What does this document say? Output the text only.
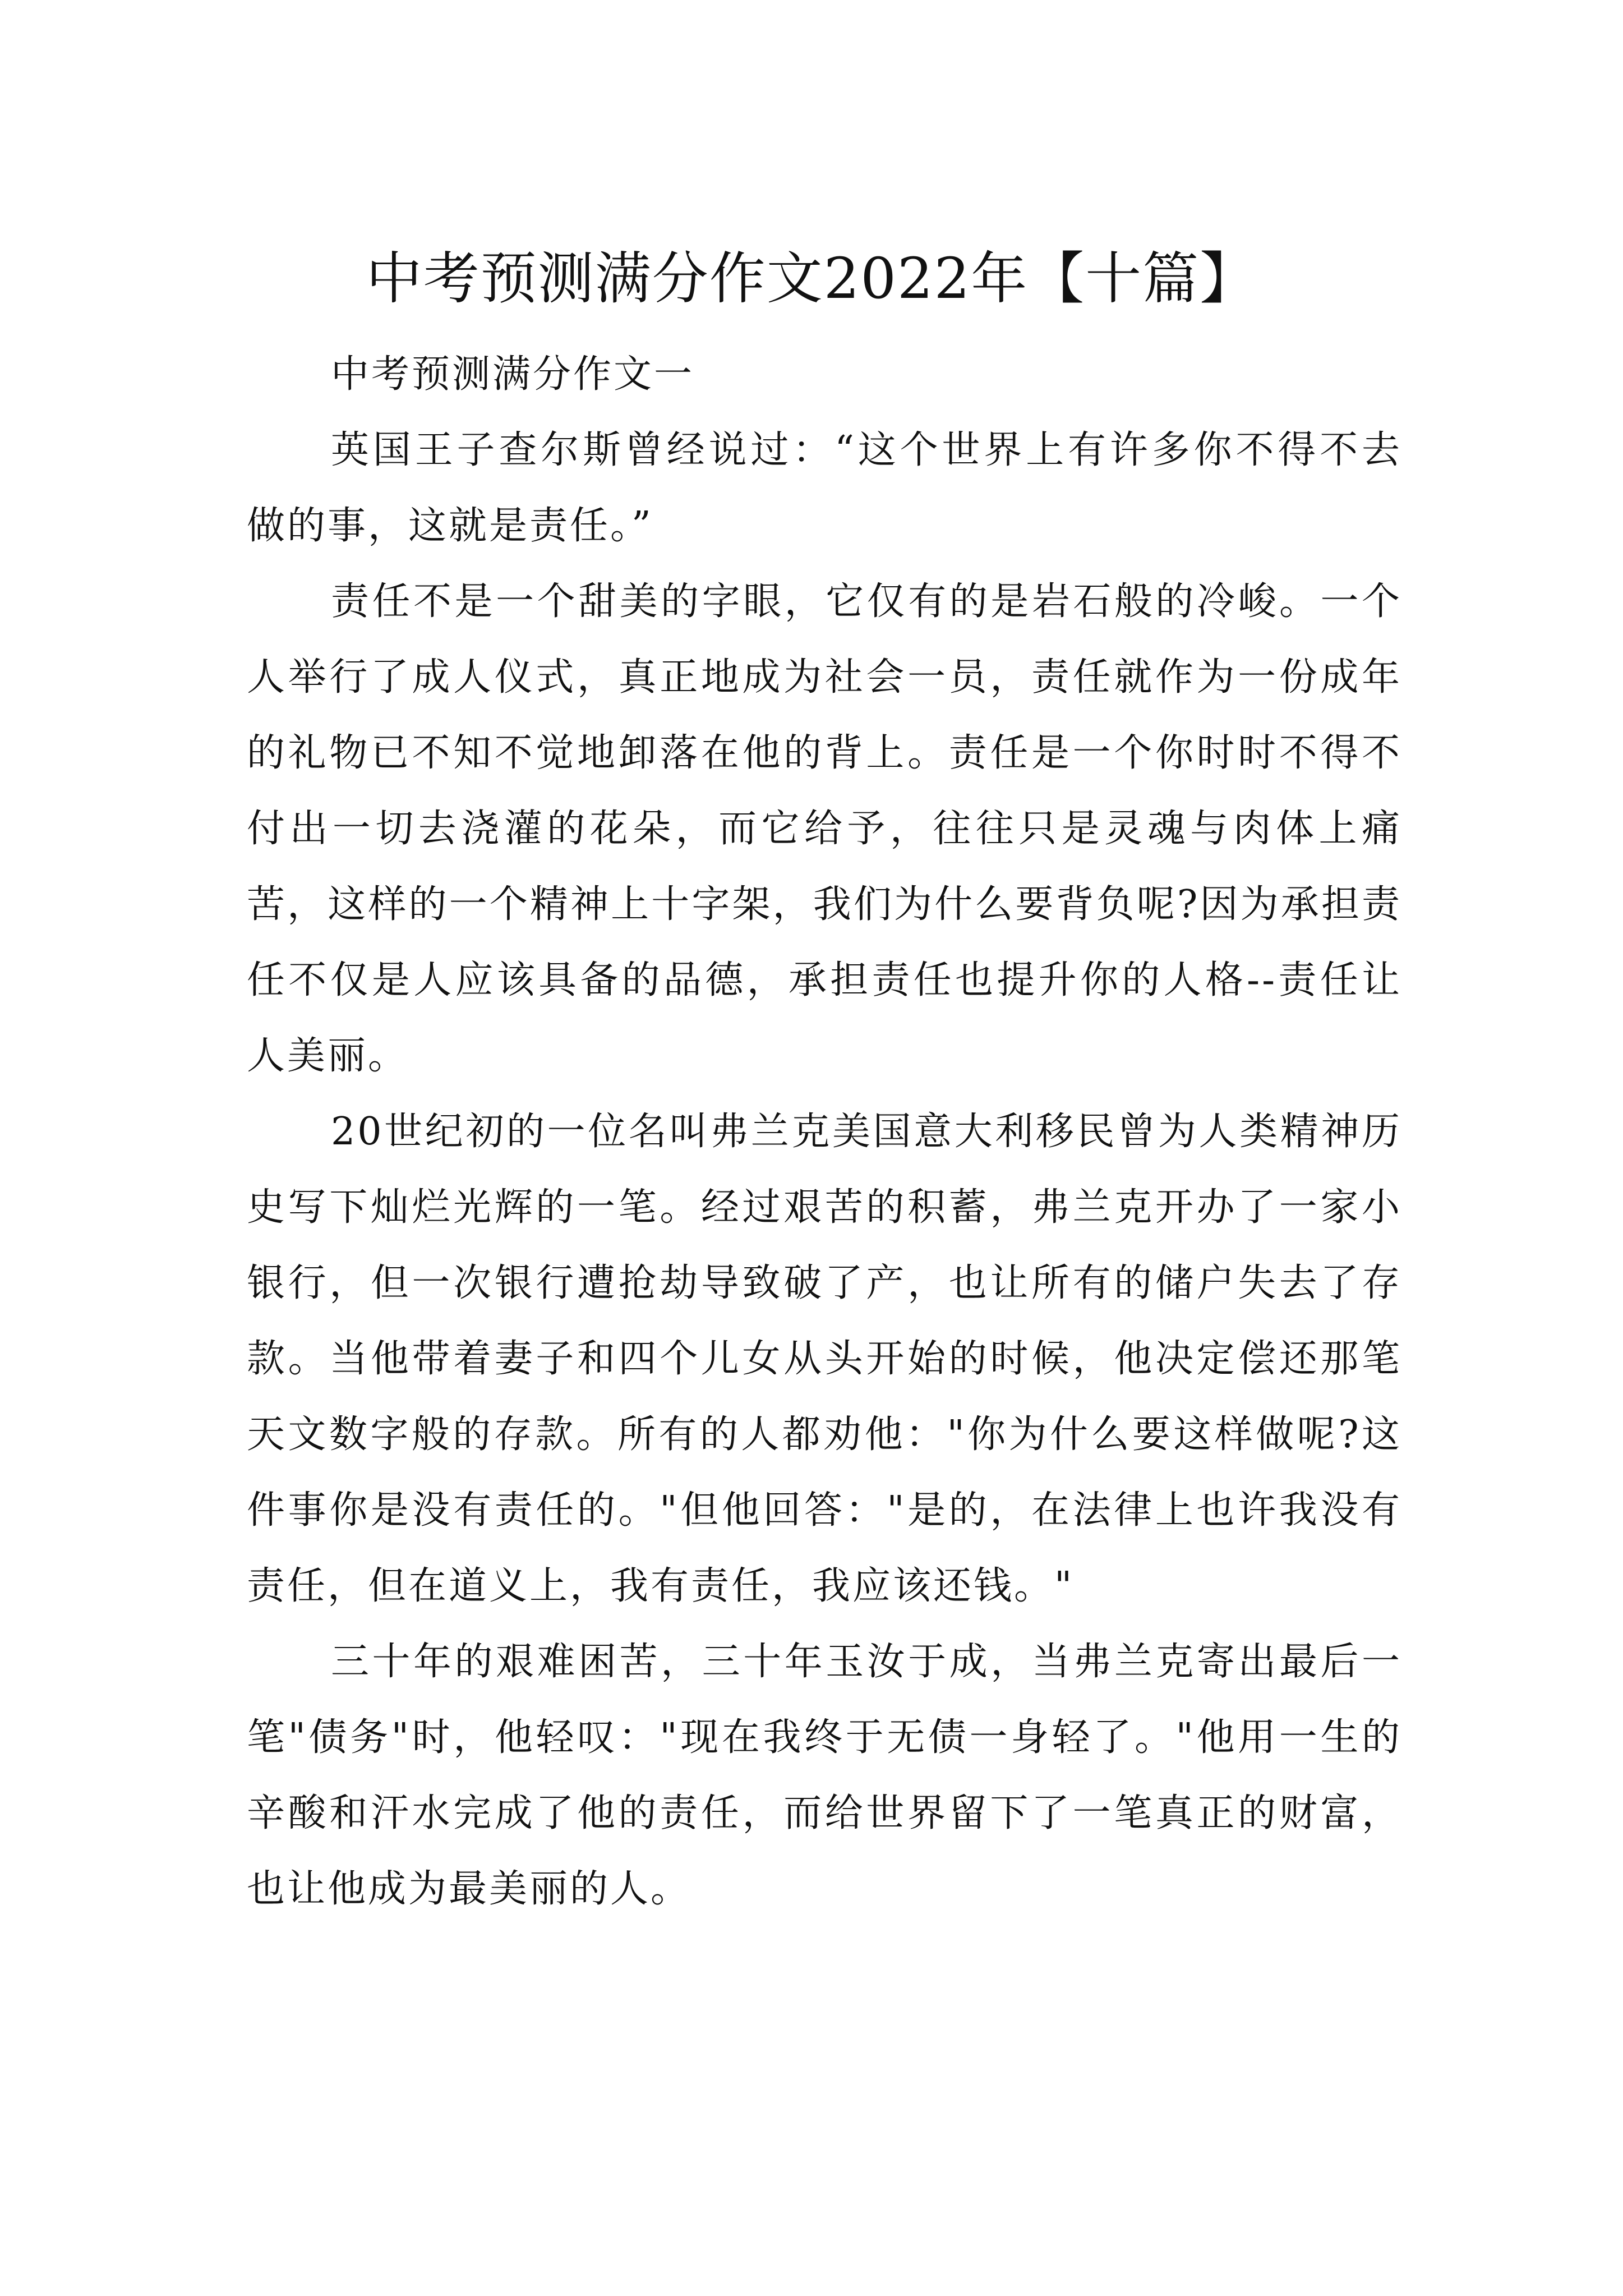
中考预测满分作文2022年【十篇】

中考预测满分作文一

英国王子查尔斯曾经说过：“这个世界上有许多你不得不去做的事，这就是责任。”

责任不是一个甜美的字眼，它仅有的是岩石般的冷峻。一个人举行了成人仪式，真正地成为社会一员，责任就作为一份成年的礼物已不知不觉地卸落在他的背上。责任是一个你时时不得不付出一切去浇灌的花朵，而它给予，往往只是灵魂与肉体上痛苦，这样的一个精神上十字架，我们为什么要背负呢?因为承担责任不仅是人应该具备的品德，承担责任也提升你的人格--责任让人美丽。

20世纪初的一位名叫弗兰克美国意大利移民曾为人类精神历史写下灿烂光辉的一笔。经过艰苦的积蓄，弗兰克开办了一家小银行，但一次银行遭抢劫导致破了产，也让所有的储户失去了存款。当他带着妻子和四个儿女从头开始的时候，他决定偿还那笔天文数字般的存款。所有的人都劝他："你为什么要这样做呢?这件事你是没有责任的。"但他回答："是的，在法律上也许我没有责任，但在道义上，我有责任，我应该还钱。"

三十年的艰难困苦，三十年玉汝于成，当弗兰克寄出最后一笔"债务"时，他轻叹："现在我终于无债一身轻了。"他用一生的辛酸和汗水完成了他的责任，而给世界留下了一笔真正的财富，也让他成为最美丽的人。
